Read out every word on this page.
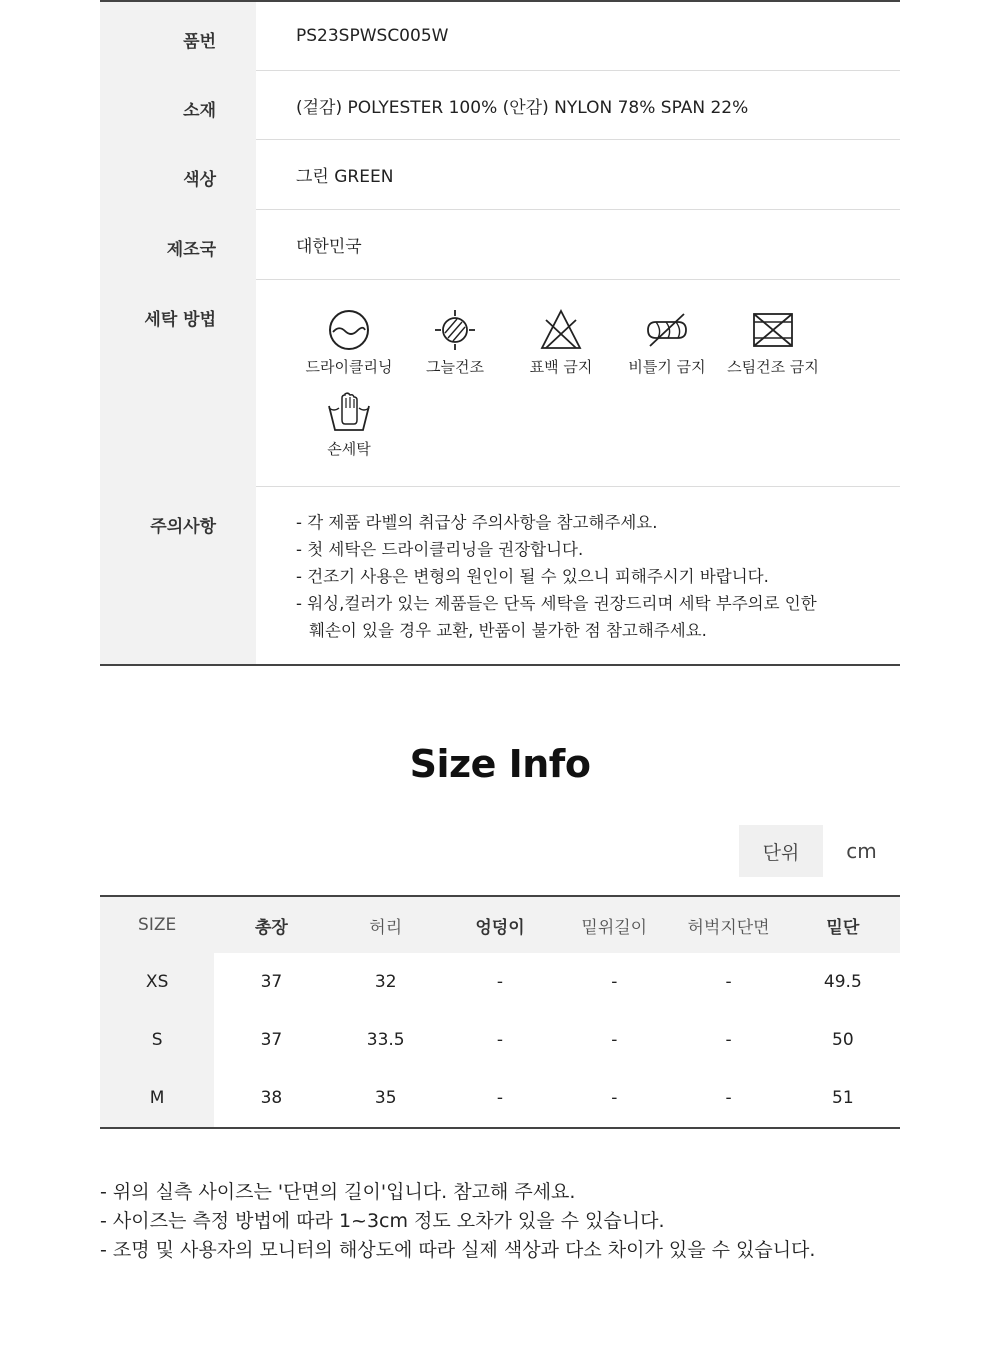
품번	PS23SPWSC005W
소재	(겉감) POLYESTER 100% (안감) NYLON 78% SPAN 22%
색상	그린 GREEN
제조국	대한민국
세탁 방법
드라이클리닝 그늘건조	표백 금지 비틀기 금지 스팀건조 금지
손세탁
주의사항	- 각 제품 라벨의 취급상 주의사항을 참고해주세요.
- 첫 세탁은 드라이클리닝을 권장합니다.
- 건조기 사용은 변형의 원인이 될 수 있으니 피해주시기 바랍니다.
- 워싱,컬러가 있는 제품들은 단독 세탁을 권장드리며 세탁 부주의로 인한
훼손이 있을 경우 교환, 반품이 불가한 점 참고해주세요.
Size Info
단위	cm
SIZE	총장	허리	엉덩이	밑위길이	허벅지단면	밑단
XS	37	32	-	-	-	49.5
S	37	33.5	-	-	-	50
M	38	35	-	-	-	51
- 위의 실측 사이즈는 '단면의 길이'입니다. 참고해 주세요.
- 사이즈는 측정 방법에 따라 1~3cm 정도 오차가 있을 수 있습니다.
- 조명 및 사용자의 모니터의 해상도에 따라 실제 색상과 다소 차이가 있을 수 있습니다.
